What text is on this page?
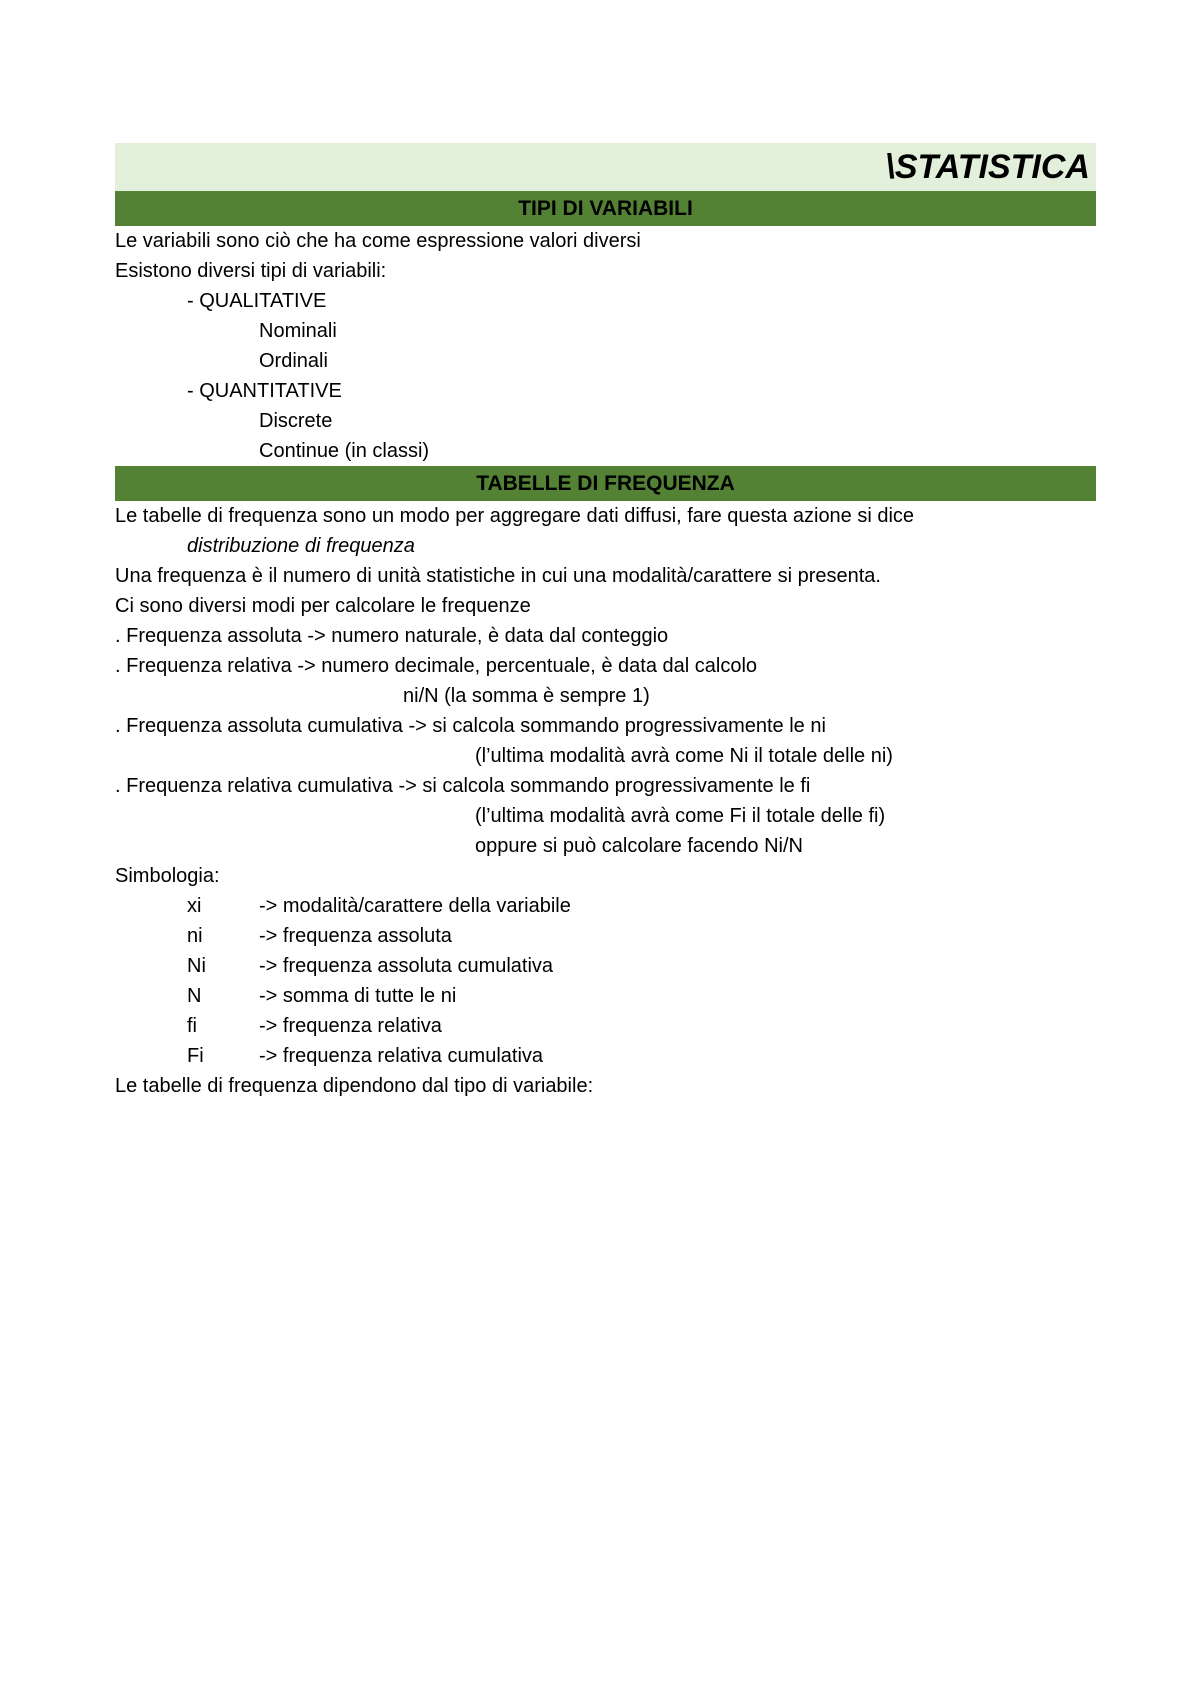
\STATISTICA
TIPI DI VARIABILI
Le variabili sono ciò che ha come espressione valori diversi
Esistono diversi tipi di variabili:
- QUALITATIVE
Nominali
Ordinali
- QUANTITATIVE
Discrete
Continue (in classi)
TABELLE DI FREQUENZA
Le tabelle di frequenza sono un modo per aggregare dati diffusi, fare questa azione si dice
distribuzione di frequenza
Una frequenza è il numero di unità statistiche in cui una modalità/carattere si presenta.
Ci sono diversi modi per calcolare le frequenze
. Frequenza assoluta -> numero naturale, è data dal conteggio
. Frequenza relativa -> numero decimale, percentuale, è data dal calcolo
ni/N (la somma è sempre 1)
. Frequenza assoluta cumulativa -> si calcola sommando progressivamente le ni
(l’ultima modalità avrà come Ni il totale delle ni)
. Frequenza relativa cumulativa -> si calcola sommando progressivamente le fi
(l’ultima modalità avrà come Fi il totale delle fi)
oppure si può calcolare facendo Ni/N
Simbologia:
xi	-> modalità/carattere della variabile
ni	-> frequenza assoluta
Ni	-> frequenza assoluta cumulativa
N	-> somma di tutte le ni
fi	-> frequenza relativa
Fi	-> frequenza relativa cumulativa
Le tabelle di frequenza dipendono dal tipo di variabile:
